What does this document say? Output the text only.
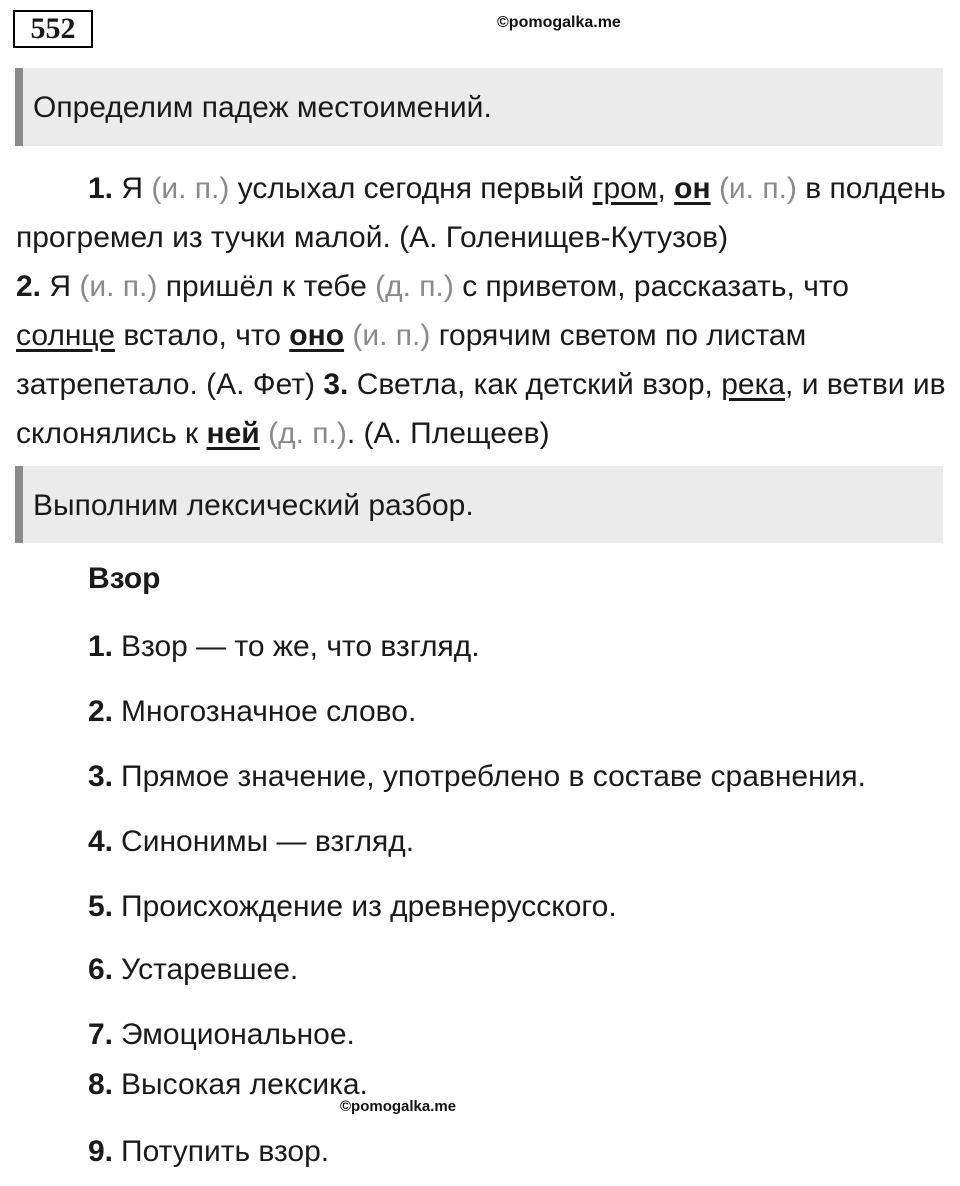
552	©pomogalka.me
Определим падеж местоимений.
1. Я (и. п.) услыхал сегодня первый гром, он (и. п.) в полдень прогремел из тучки малой. (А. Голенищев-Кутузов)
2. Я (и. п.) пришёл к тебе (д. п.) с приветом, рассказать, что солнце встало, что оно (и. п.) горячим светом по листам затрепетало. (А. Фет) 3. Светла, как детский взор, река, и ветви ив склонялись к ней (д. п.). (А. Плещеев)
Выполним лексический разбор.
Взор
1. Взор — то же, что взгляд.
2. Многозначное слово.
3. Прямое значение, употреблено в составе сравнения.
4. Синонимы — взгляд.
5. Происхождение из древнерусского.
6. Устаревшее.
7. Эмоциональное.
8. Высокая лексика.
©pomogalka.me
9. Потупить взор.
